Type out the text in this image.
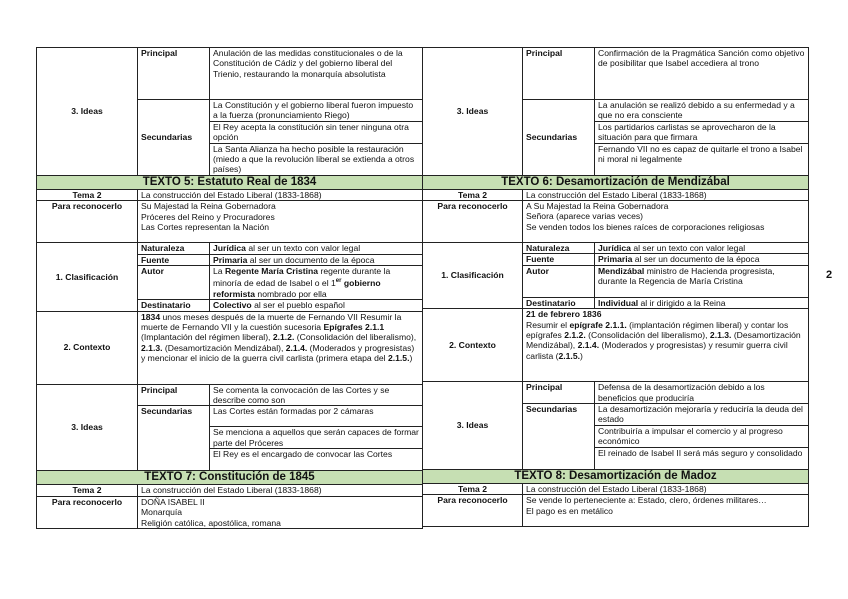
3. Ideas	Principal	Anulación de las medidas constitucionales o de la Constitución de Cádiz y del gobierno liberal del Trienio, restaurando la monarquía absolutista
	Secundarias	La Constitución y el gobierno liberal fueron impuesto a la fuerza (pronunciamiento Riego)
		El Rey acepta la constitución sin tener ninguna otra opción
		La Santa Alianza ha hecho posible la restauración (miedo a que la revolución liberal se extienda a otros países)
TEXTO 5: Estatuto Real de 1834		
Tema 2	La construcción del Estado Liberal (1833-1868)	
Para reconocerlo	Su Majestad la Reina Gobernadora
Próceres del Reino y Procuradores
Las Cortes representan la Nación	

1. Clasificación	Naturaleza	Jurídica al ser un texto con valor legal
	Fuente	Primaria al ser un documento de la época
	Autor	La Regente María Cristina regente durante la minoría de edad de Isabel o el 1er gobierno reformista nombrado por ella
	Destinatario	Colectivo al ser el pueblo español
2. Contexto	1834 unos meses después de la muerte de Fernando VII Resumir la muerte de Fernando VII y la cuestión sucesoria Epígrafes 2.1.1 (Implantación del régimen liberal), 2.1.2. (Consolidación del liberalismo), 2.1.3. (Desamortización Mendizábal), 2.1.4. (Moderados y progresistas) y mencionar el inicio de la guerra civil carlista (primera etapa del 2.1.5.)	
3. Ideas	Principal	Se comenta la convocación de las Cortes y se describe como son
	Secundarias	Las Cortes están formadas por 2 cámaras
		Se menciona a aquellos que serán capaces de formar parte del Próceres
		El Rey es el encargado de convocar las Cortes
TEXTO 7: Constitución de 1845		
Tema 2	La construcción del Estado Liberal (1833-1868)	
Para reconocerlo	DOÑA ISABEL II
Monarquía
Religión católica, apostólica, romana	
3. Ideas	Principal	Confirmación de la Pragmática Sanción como objetivo de posibilitar que Isabel accediera al trono
	Secundarias	La anulación se realizó debido a su enfermedad y a que no era consciente
		Los partidarios carlistas se aprovecharon de la situación para que firmara
		Fernando VII no es capaz de quitarle el trono a Isabel ni moral ni legalmente
TEXTO 6: Desamortización de Mendizábal		
Tema 2	La construcción del Estado Liberal (1833-1868)	
Para reconocerlo	A Su Majestad la Reina Gobernadora
Señora (aparece varias veces)
Se venden todos los bienes raíces de corporaciones religiosas	

1. Clasificación	Naturaleza	Jurídica al ser un texto con valor legal
	Fuente	Primaria al ser un documento de la época
	Autor	Mendizábal ministro de Hacienda progresista, durante la Regencia de María Cristina
	Destinatario	Individual al ir dirigido a la Reina
2. Contexto	21 de febrero 1836
Resumir el epígrafe 2.1.1. (implantación régimen liberal) y contar los epígrafes 2.1.2. (Consolidación del liberalismo), 2.1.3. (Desamortización Mendizábal), 2.1.4. (Moderados y progresistas) y resumir guerra civil carlista (2.1.5.)	
3. Ideas	Principal	Defensa de la desamortización debido a los beneficios que produciría
	Secundarias	La desamortización mejoraría y reduciría la deuda del estado
		Contribuiría a impulsar el comercio y al progreso económico
		El reinado de Isabel II será más seguro y consolidado
TEXTO 8: Desamortización de Madoz		
Tema 2	La construcción del Estado Liberal (1833-1868)	
Para reconocerlo	Se vende lo perteneciente a: Estado, clero, órdenes militares…
El pago es en metálico	
2
